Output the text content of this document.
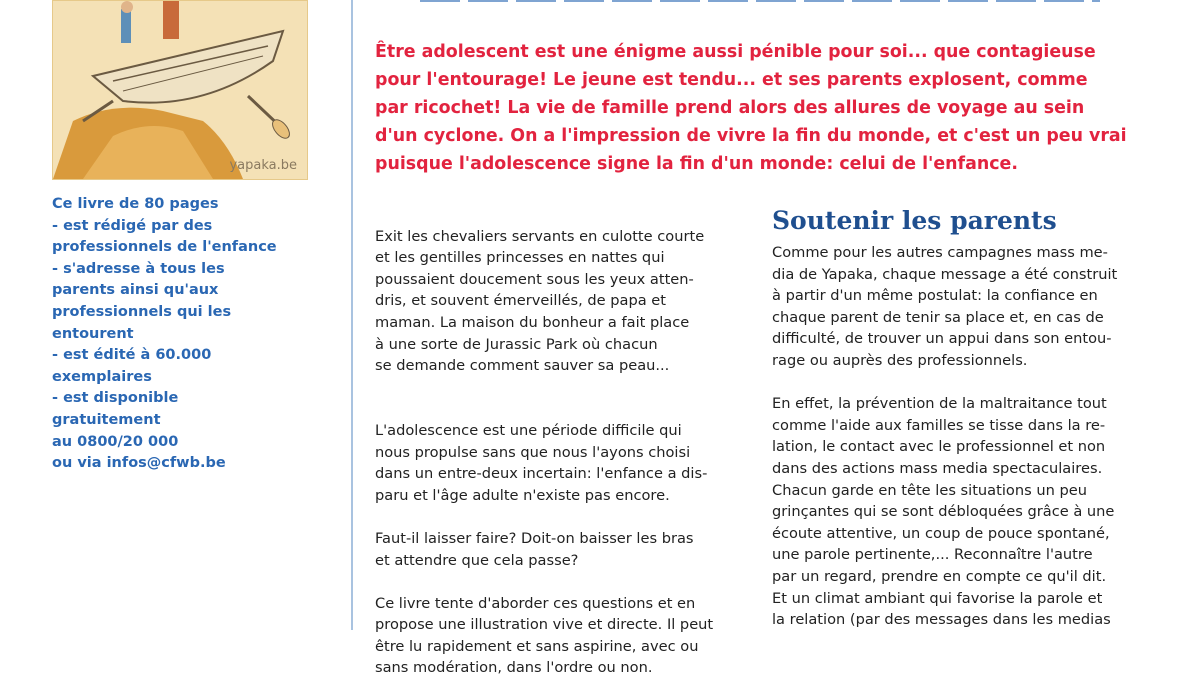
yapaka.be
Ce livre de 80 pages
- est rédigé par des
professionnels de l'enfance
- s'adresse à tous les
parents ainsi qu'aux
professionnels qui les
entourent
- est édité à 60.000
exemplaires
- est disponible
gratuitement
au 0800/20 000
ou via infos@cfwb.be
Être adolescent est une énigme aussi pénible pour soi... que contagieuse
pour l'entourage! Le jeune est tendu... et ses parents explosent, comme
par ricochet! La vie de famille prend alors des allures de voyage au sein
d'un cyclone. On a l'impression de vivre la fin du monde, et c'est un peu vrai
puisque l'adolescence signe la fin d'un monde: celui de l'enfance.

Exit les chevaliers servants en culotte courte
et les gentilles princesses en nattes qui
poussaient doucement sous les yeux atten-
dris, et souvent émerveillés, de papa et
maman. La maison du bonheur a fait place
à une sorte de Jurassic Park où chacun
se demande comment sauver sa peau...

L'adolescence est une période difficile qui
nous propulse sans que nous l'ayons choisi
dans un entre-deux incertain: l'enfance a dis-
paru et l'âge adulte n'existe pas encore.
Faut-il laisser faire? Doit-on baisser les bras
et attendre que cela passe?
Ce livre tente d'aborder ces questions et en
propose une illustration vive et directe. Il peut
être lu rapidement et sans aspirine, avec ou
sans modération, dans l'ordre ou non.
Soutenir les parents
Comme pour les autres campagnes mass me-
dia de Yapaka, chaque message a été construit
à partir d'un même postulat: la confiance en
chaque parent de tenir sa place et, en cas de
difficulté, de trouver un appui dans son entou-
rage ou auprès des professionnels.
En effet, la prévention de la maltraitance tout
comme l'aide aux familles se tisse dans la re-
lation, le contact avec le professionnel et non
dans des actions mass media spectaculaires.
Chacun garde en tête les situations un peu
grinçantes qui se sont débloquées grâce à une
écoute attentive, un coup de pouce spontané,
une parole pertinente,... Reconnaître l'autre
par un regard, prendre en compte ce qu'il dit.
Et un climat ambiant qui favorise la parole et
la relation (par des messages dans les medias
